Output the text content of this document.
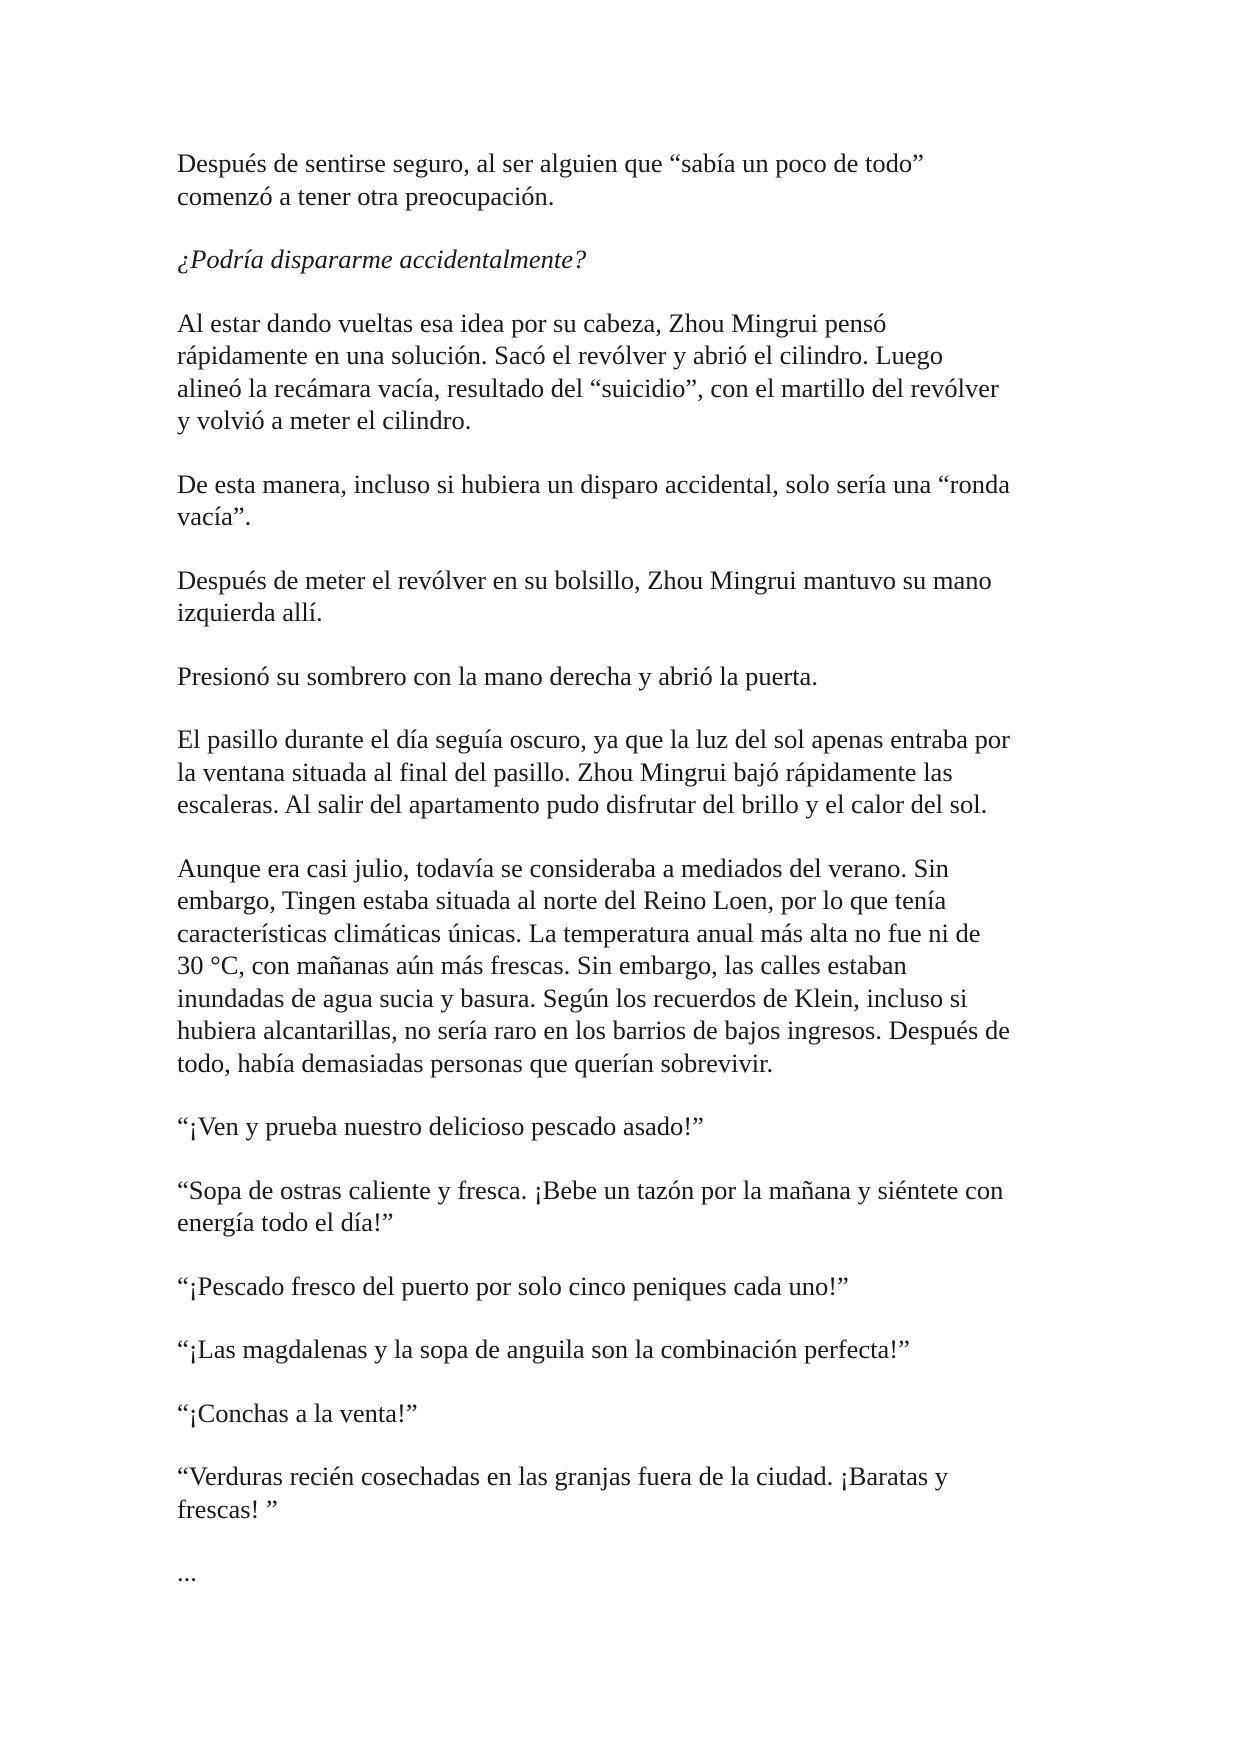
Después de sentirse seguro, al ser alguien que “sabía un poco de todo”
comenzó a tener otra preocupación.

¿Podría dispararme accidentalmente?

Al estar dando vueltas esa idea por su cabeza, Zhou Mingrui pensó
rápidamente en una solución. Sacó el revólver y abrió el cilindro. Luego
alineó la recámara vacía, resultado del “suicidio”, con el martillo del revólver
y volvió a meter el cilindro.

De esta manera, incluso si hubiera un disparo accidental, solo sería una “ronda
vacía”.

Después de meter el revólver en su bolsillo, Zhou Mingrui mantuvo su mano
izquierda allí.

Presionó su sombrero con la mano derecha y abrió la puerta.

El pasillo durante el día seguía oscuro, ya que la luz del sol apenas entraba por
la ventana situada al final del pasillo. Zhou Mingrui bajó rápidamente las
escaleras. Al salir del apartamento pudo disfrutar del brillo y el calor del sol.

Aunque era casi julio, todavía se consideraba a mediados del verano. Sin
embargo, Tingen estaba situada al norte del Reino Loen, por lo que tenía
características climáticas únicas. La temperatura anual más alta no fue ni de
30 °C, con mañanas aún más frescas. Sin embargo, las calles estaban
inundadas de agua sucia y basura. Según los recuerdos de Klein, incluso si
hubiera alcantarillas, no sería raro en los barrios de bajos ingresos. Después de
todo, había demasiadas personas que querían sobrevivir.

“¡Ven y prueba nuestro delicioso pescado asado!”

“Sopa de ostras caliente y fresca. ¡Bebe un tazón por la mañana y siéntete con
energía todo el día!”

“¡Pescado fresco del puerto por solo cinco peniques cada uno!”

“¡Las magdalenas y la sopa de anguila son la combinación perfecta!”

“¡Conchas a la venta!”

“Verduras recién cosechadas en las granjas fuera de la ciudad. ¡Baratas y
frescas! ”

...
